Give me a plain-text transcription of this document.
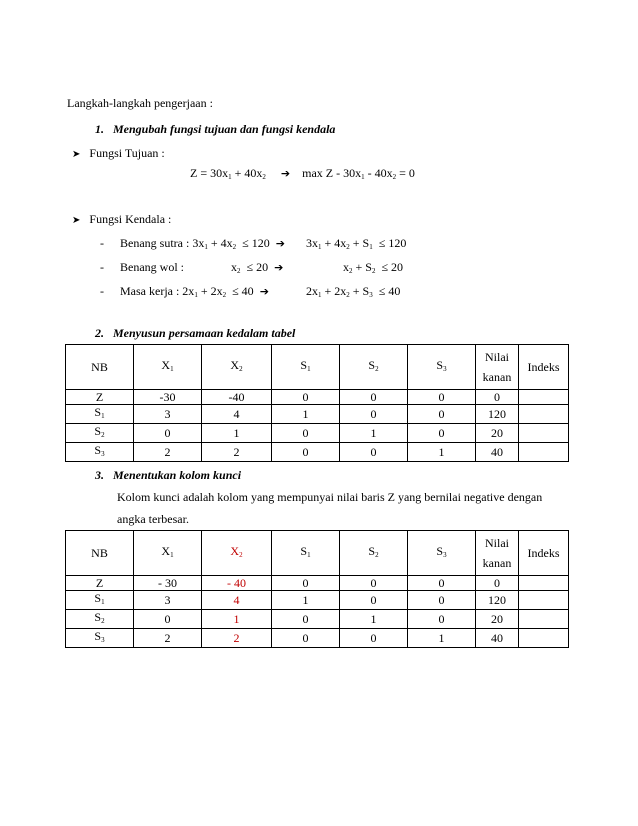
Langkah-langkah pengerjaan :
1. Mengubah fungsi tujuan dan fungsi kendala
➤ Fungsi Tujuan :
$Z = 30x_1 + 40x_2$ ➔ $\max Z - 30x_1 - 40x_2 = 0$
➤ Fungsi Kendala :
- Benang sutra : $3x_1 + 4x_2 \le 120$ ➔ $3x_1 + 4x_2 + S_1 \le 120$
- Benang wol :	$x_2 \le 20$ ➔	$x_2 + S_2 \le 20$
- Masa kerja : $2x_1 + 2x_2 \le 40$ ➔	$2x_1 + 2x_2 + S_3 \le 40$
2. Menyusun persamaan kedalam tabel
NB	$X_1$	$X_2$	$S_1$	$S_2$	$S_3$	Nilai
kanan	Indeks
Z	-30	-40	0	0	0	0	
$S_1$	3	4	1	0	0	120	
$S_2$	0	1	0	1	0	20	
$S_3$	2	2	0	0	1	40	
3. Menentukan kolom kunci
Kolom kunci adalah kolom yang mempunyai nilai baris Z yang bernilai negative dengan
angka terbesar.
NB	$X_1$	$X_2$	$S_1$	$S_2$	$S_3$	Nilai
kanan	Indeks
Z	- 30	- 40	0	0	0	0	
$S_1$	3	4	1	0	0	120	
$S_2$	0	1	0	1	0	20	
$S_3$	2	2	0	0	1	40	
